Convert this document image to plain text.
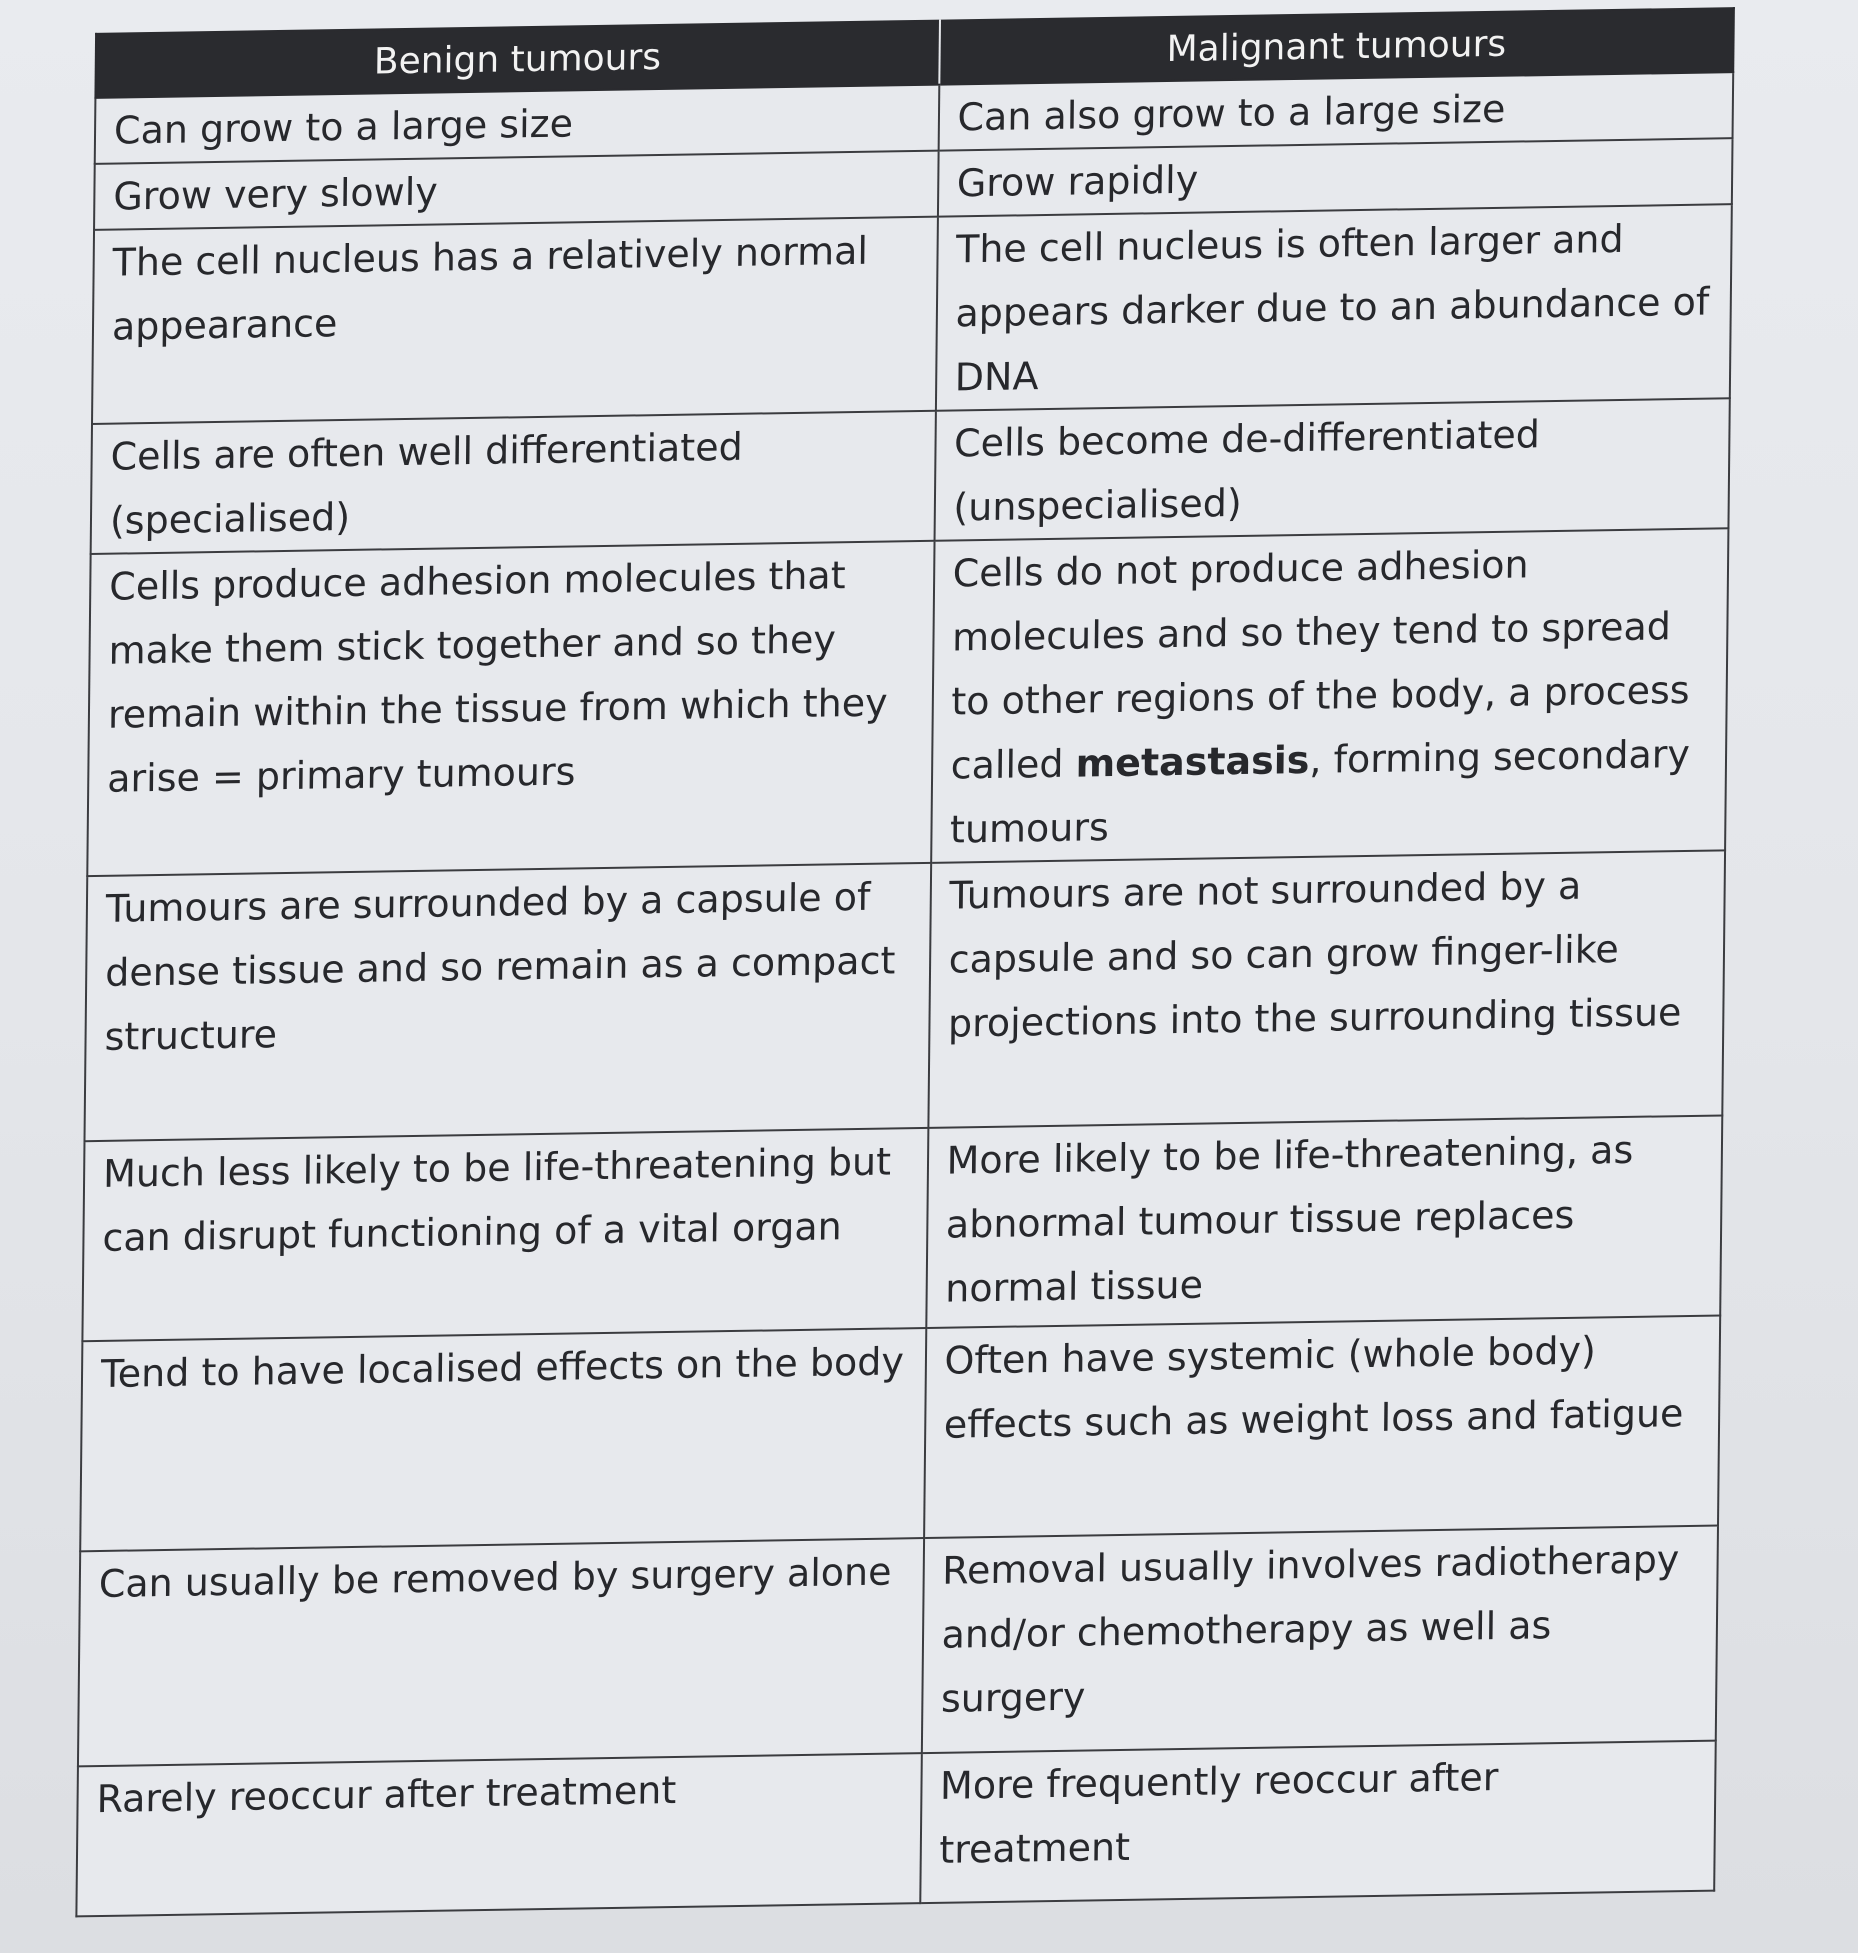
Benign tumours	Malignant tumours
Can grow to a large size	Can also grow to a large size
Grow very slowly	Grow rapidly
The cell nucleus has a relatively normal appearance	The cell nucleus is often larger and appears darker due to an abundance of DNA
Cells are often well differentiated (specialised)	Cells become de-differentiated (unspecialised)
Cells produce adhesion molecules that make them stick together and so they remain within the tissue from which they arise = primary tumours	Cells do not produce adhesion molecules and so they tend to spread to other regions of the body, a process called metastasis, forming secondary tumours
Tumours are surrounded by a capsule of dense tissue and so remain as a compact structure	Tumours are not surrounded by a capsule and so can grow finger-like projections into the surrounding tissue
Much less likely to be life-threatening but can disrupt functioning of a vital organ	More likely to be life-threatening, as abnormal tumour tissue replaces normal tissue
Tend to have localised effects on the body	Often have systemic (whole body) effects such as weight loss and fatigue
Can usually be removed by surgery alone	Removal usually involves radiotherapy and/or chemotherapy as well as surgery
Rarely reoccur after treatment	More frequently reoccur after treatment
